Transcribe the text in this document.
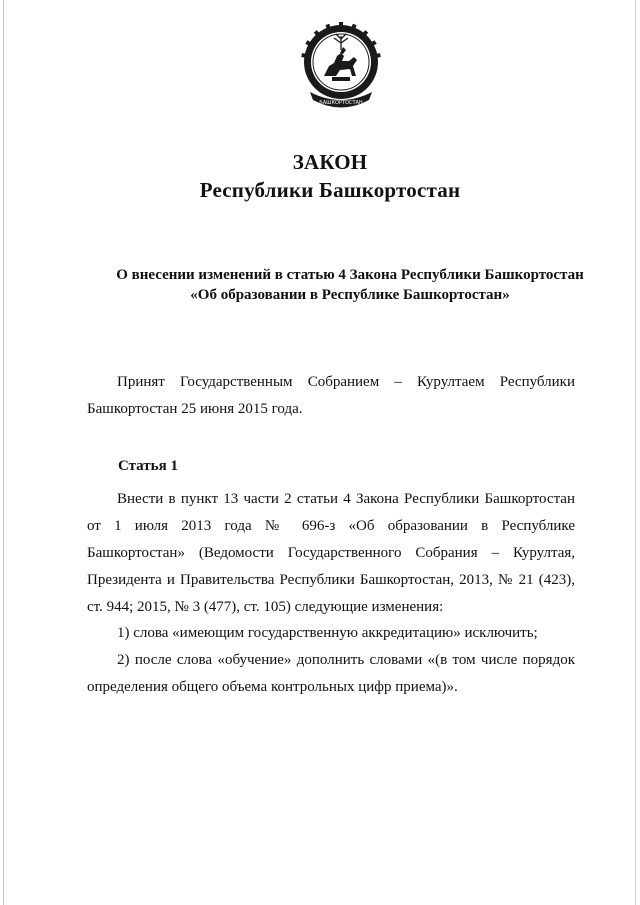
БАШКОРТОСТАН
ЗАКОН
Республики Башкортостан
О внесении изменений в статью 4 Закона Республики Башкортостан
«Об образовании в Республике Башкортостан»
Принят Государственным Собранием – Курултаем Республики Башкортостан 25 июня 2015 года.
Статья 1
Внести в пункт 13 части 2 статьи 4 Закона Республики Башкортостан
от 1 июля 2013 года № 696-з «Об образовании в Республике
Башкортостан» (Ведомости Государственного Собрания – Курултая,
Президента и Правительства Республики Башкортостан, 2013, № 21 (423),
ст. 944; 2015, № 3 (477), ст. 105) следующие изменения:
1) слова «имеющим государственную аккредитацию» исключить;
2) после слова «обучение» дополнить словами «(в том числе порядок
определения общего объема контрольных цифр приема)».
